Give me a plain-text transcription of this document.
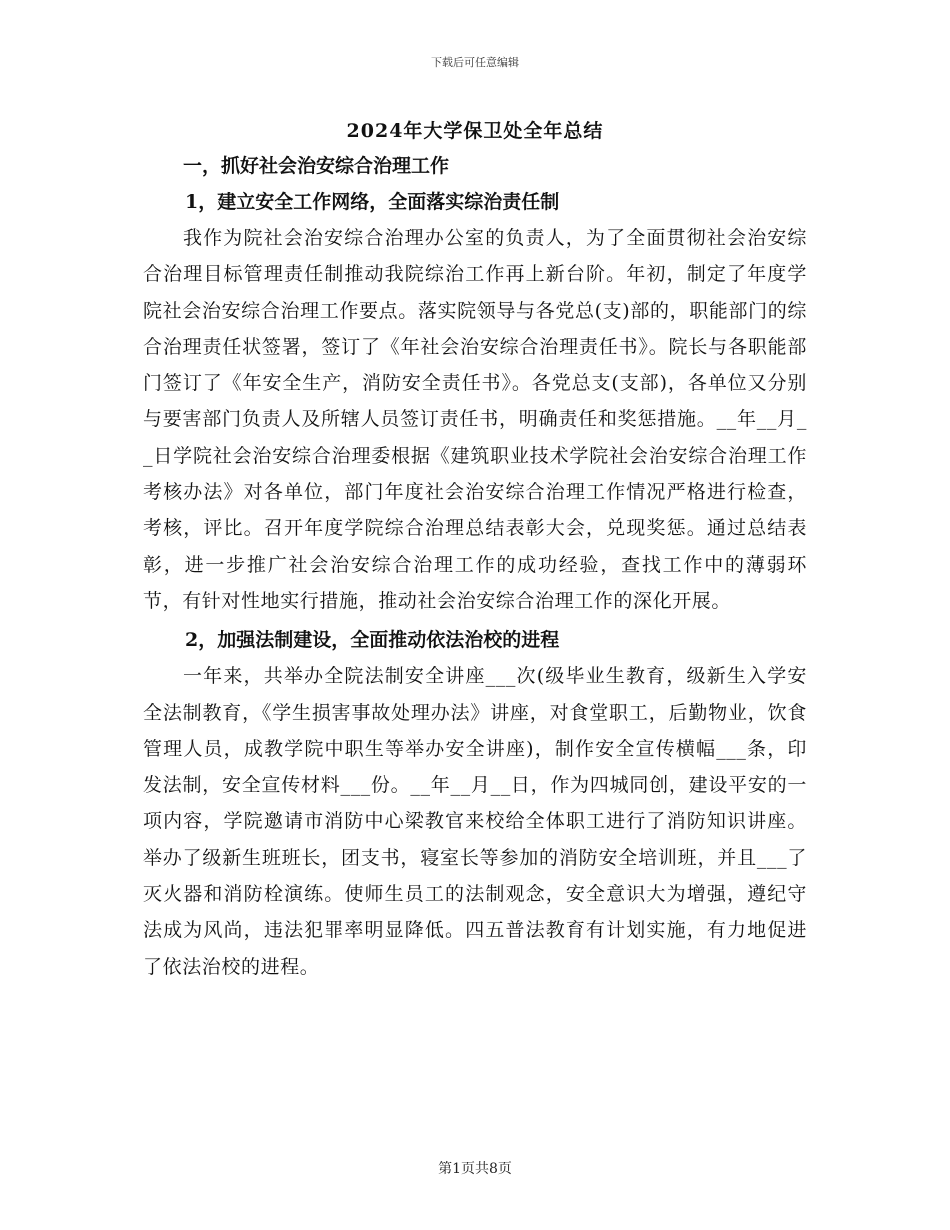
下载后可任意编辑
2024年大学保卫处全年总结

一，抓好社会治安综合治理工作

1，建立安全工作网络，全面落实综治责任制

我作为院社会治安综合治理办公室的负责人，为了全面贯彻社会治安综合治理目标管理责任制推动我院综治工作再上新台阶。年初，制定了年度学院社会治安综合治理工作要点。落实院领导与各党总(支)部的，职能部门的综合治理责任状签署，签订了《年社会治安综合治理责任书》。院长与各职能部门签订了《年安全生产，消防安全责任书》。各党总支(支部)，各单位又分别与要害部门负责人及所辖人员签订责任书，明确责任和奖惩措施。__年__月__日学院社会治安综合治理委根据《建筑职业技术学院社会治安综合治理工作考核办法》对各单位，部门年度社会治安综合治理工作情况严格进行检查，考核，评比。召开年度学院综合治理总结表彰大会，兑现奖惩。通过总结表彰，进一步推广社会治安综合治理工作的成功经验，查找工作中的薄弱环节，有针对性地实行措施，推动社会治安综合治理工作的深化开展。

2，加强法制建设，全面推动依法治校的进程

一年来，共举办全院法制安全讲座___次(级毕业生教育，级新生入学安全法制教育，《学生损害事故处理办法》讲座，对食堂职工，后勤物业，饮食管理人员，成教学院中职生等举办安全讲座)，制作安全宣传横幅___条，印发法制，安全宣传材料___份。__年__月__日，作为四城同创，建设平安的一项内容，学院邀请市消防中心梁教官来校给全体职工进行了消防知识讲座。举办了级新生班班长，团支书，寝室长等参加的消防安全培训班，并且___了灭火器和消防栓演练。使师生员工的法制观念，安全意识大为增强，遵纪守法成为风尚，违法犯罪率明显降低。四五普法教育有计划实施，有力地促进了依法治校的进程。

第1页共8页
